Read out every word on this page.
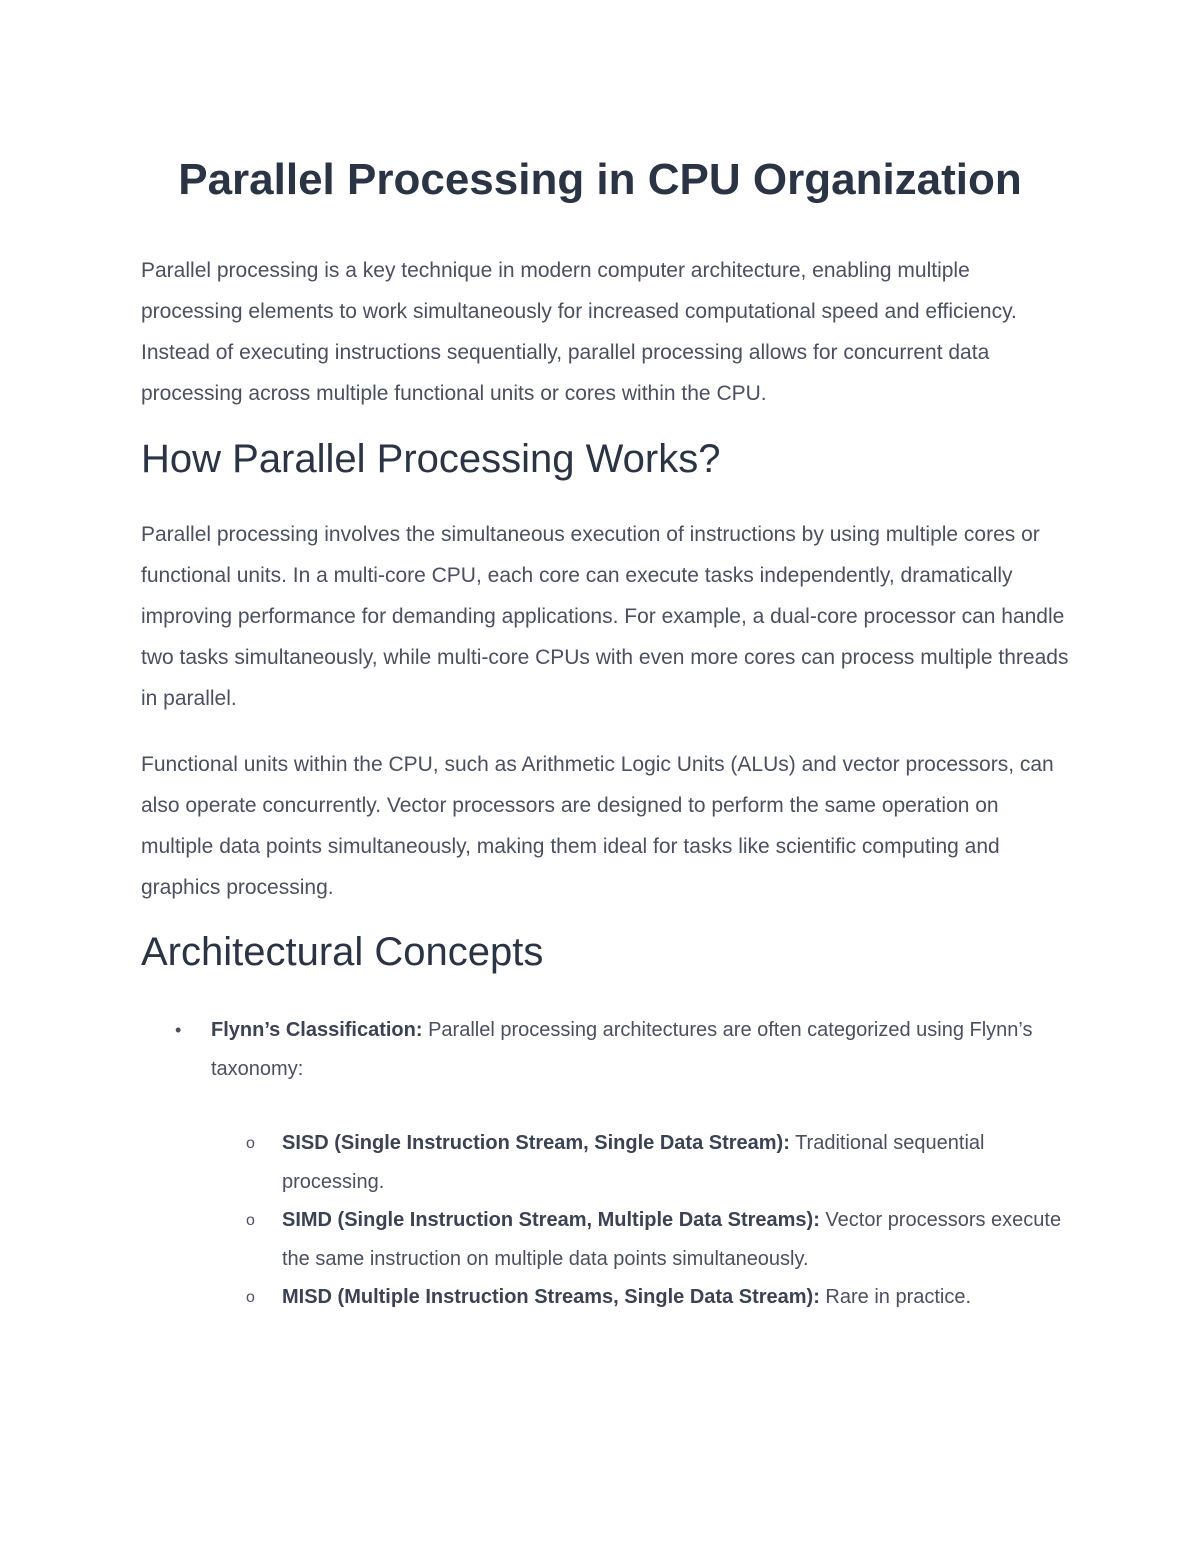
Parallel Processing in CPU Organization

Parallel processing is a key technique in modern computer architecture, enabling multiple processing elements to work simultaneously for increased computational speed and efficiency. Instead of executing instructions sequentially, parallel processing allows for concurrent data processing across multiple functional units or cores within the CPU.

How Parallel Processing Works?

Parallel processing involves the simultaneous execution of instructions by using multiple cores or functional units. In a multi-core CPU, each core can execute tasks independently, dramatically improving performance for demanding applications. For example, a dual-core processor can handle two tasks simultaneously, while multi-core CPUs with even more cores can process multiple threads in parallel.

Functional units within the CPU, such as Arithmetic Logic Units (ALUs) and vector processors, can also operate concurrently. Vector processors are designed to perform the same operation on multiple data points simultaneously, making them ideal for tasks like scientific computing and graphics processing.

Architectural Concepts
• Flynn’s Classification: Parallel processing architectures are often categorized using Flynn’s taxonomy:
o SISD (Single Instruction Stream, Single Data Stream): Traditional sequential processing.
o SIMD (Single Instruction Stream, Multiple Data Streams): Vector processors execute the same instruction on multiple data points simultaneously.
o MISD (Multiple Instruction Streams, Single Data Stream): Rare in practice.
